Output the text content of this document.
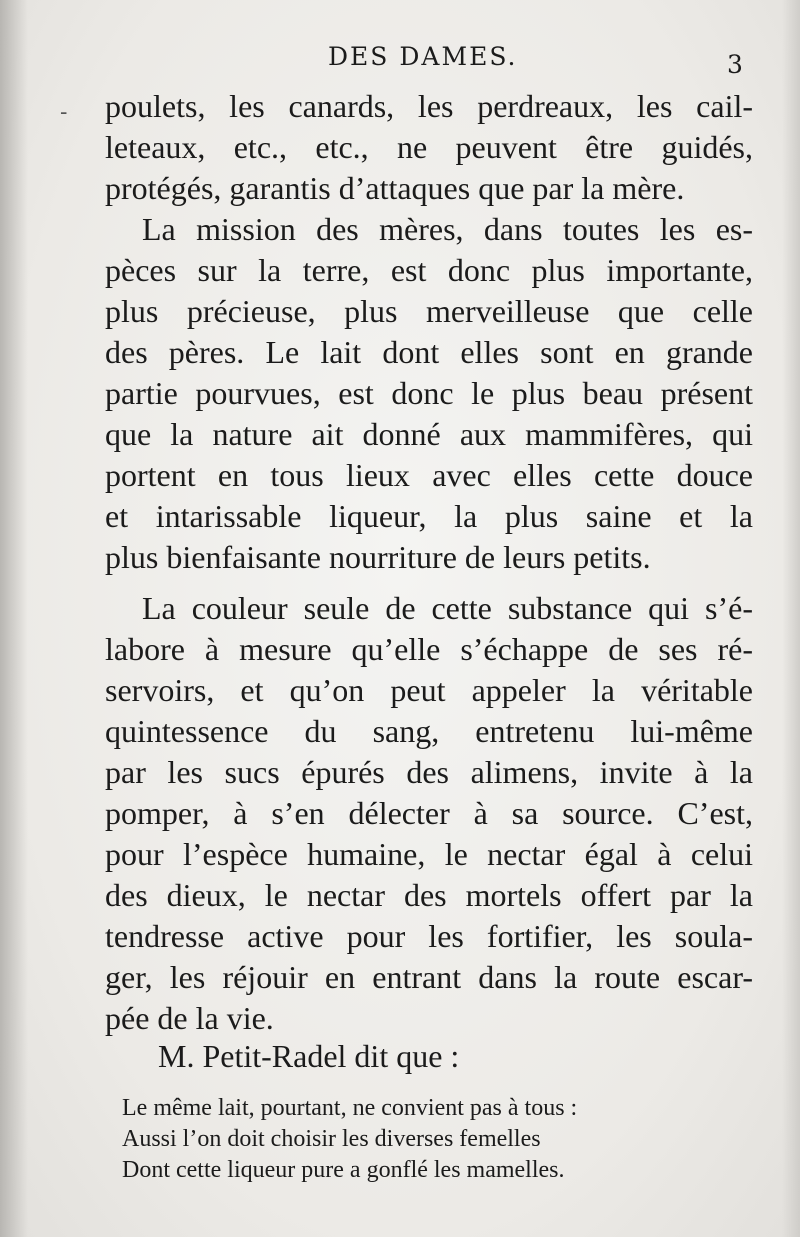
DES DAMES.	3
- poulets, les canards, les perdreaux, les cail-
leteaux, etc., etc., ne peuvent être guidés,
protégés, garantis d’attaques que par la mère.
La mission des mères, dans toutes les es-
pèces sur la terre, est donc plus importante,
plus précieuse, plus merveilleuse que celle
des pères. Le lait dont elles sont en grande
partie pourvues, est donc le plus beau présent
que la nature ait donné aux mammifères, qui
portent en tous lieux avec elles cette douce
et intarissable liqueur, la plus saine et la
plus bienfaisante nourriture de leurs petits.
La couleur seule de cette substance qui s’é-
labore à mesure qu’elle s’échappe de ses ré-
servoirs, et qu’on peut appeler la véritable
quintessence du sang, entretenu lui-même
par les sucs épurés des alimens, invite à la
pomper, à s’en délecter à sa source. C’est,
pour l’espèce humaine, le nectar égal à celui
des dieux, le nectar des mortels offert par la
tendresse active pour les fortifier, les soula-
ger, les réjouir en entrant dans la route escar-
pée de la vie.
M. Petit-Radel dit que :
Le même lait, pourtant, ne convient pas à tous :
Aussi l’on doit choisir les diverses femelles
Dont cette liqueur pure a gonflé les mamelles.
